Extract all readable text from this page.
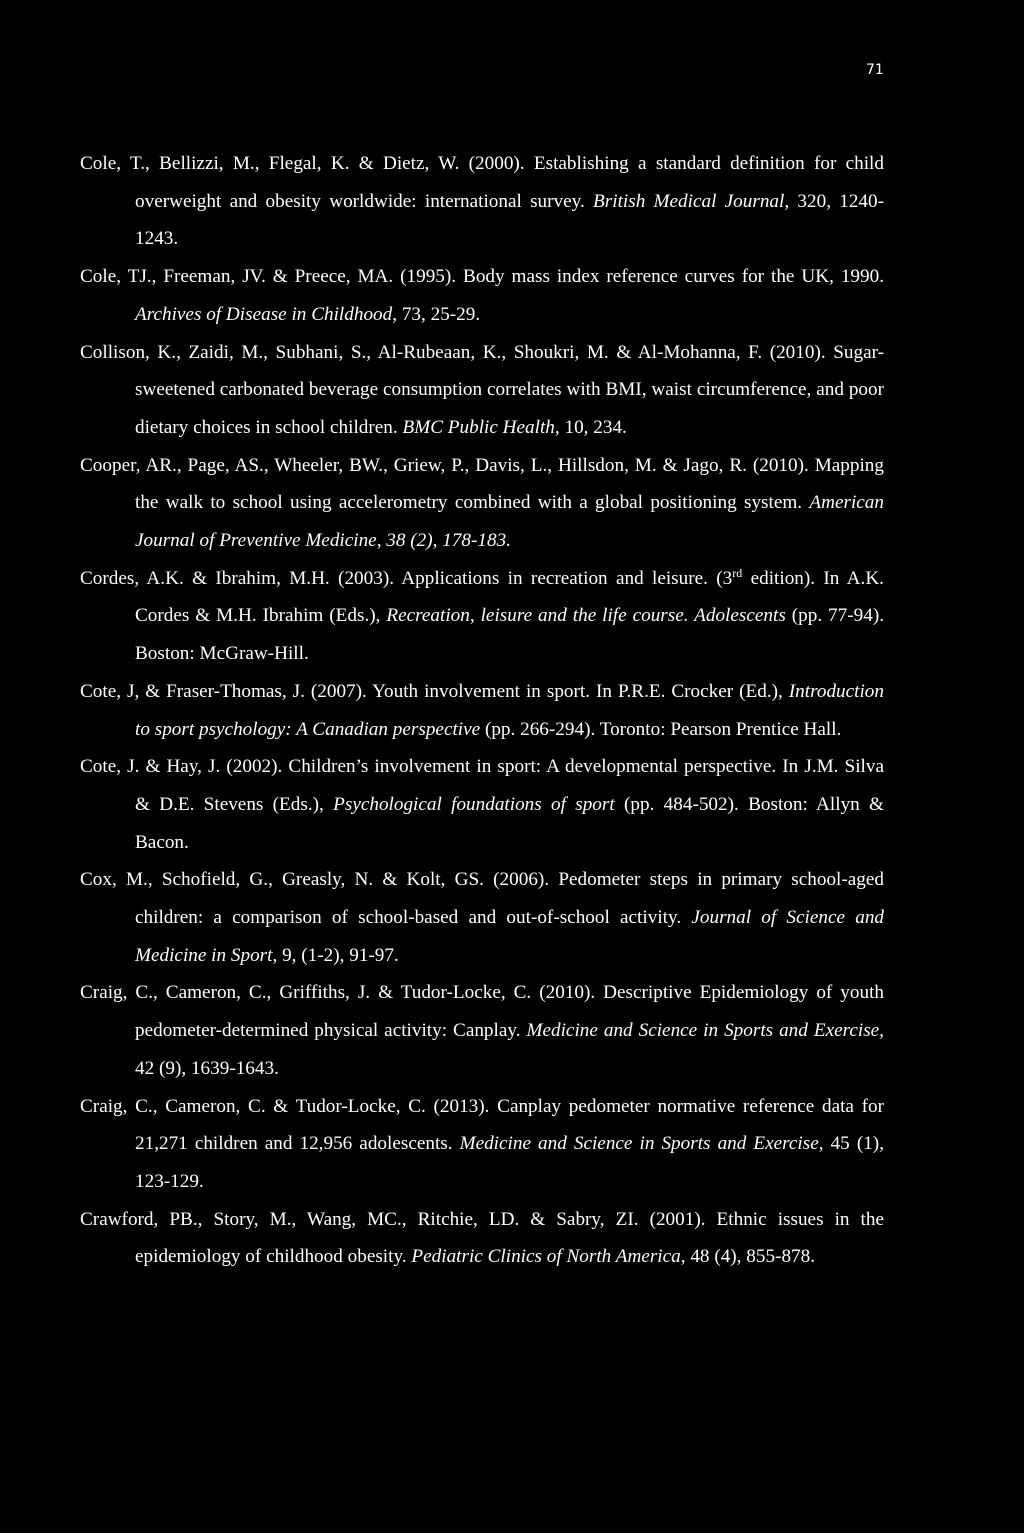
71
Cole, T., Bellizzi, M., Flegal, K. & Dietz, W. (2000). Establishing a standard definition for child overweight and obesity worldwide: international survey. British Medical Journal, 320, 1240-1243.
Cole, TJ., Freeman, JV. & Preece, MA. (1995). Body mass index reference curves for the UK, 1990. Archives of Disease in Childhood, 73, 25-29.
Collison, K., Zaidi, M., Subhani, S., Al-Rubeaan, K., Shoukri, M. & Al-Mohanna, F. (2010). Sugar-sweetened carbonated beverage consumption correlates with BMI, waist circumference, and poor dietary choices in school children. BMC Public Health, 10, 234.
Cooper, AR., Page, AS., Wheeler, BW., Griew, P., Davis, L., Hillsdon, M. & Jago, R. (2010). Mapping the walk to school using accelerometry combined with a global positioning system. American Journal of Preventive Medicine, 38 (2), 178-183.
Cordes, A.K. & Ibrahim, M.H. (2003). Applications in recreation and leisure. (3rd edition). In A.K. Cordes & M.H. Ibrahim (Eds.), Recreation, leisure and the life course. Adolescents (pp. 77-94). Boston: McGraw-Hill.
Cote, J, & Fraser-Thomas, J. (2007). Youth involvement in sport. In P.R.E. Crocker (Ed.), Introduction to sport psychology: A Canadian perspective (pp. 266-294). Toronto: Pearson Prentice Hall.
Cote, J. & Hay, J. (2002). Children’s involvement in sport: A developmental perspective. In J.M. Silva & D.E. Stevens (Eds.), Psychological foundations of sport (pp. 484-502). Boston: Allyn & Bacon.
Cox, M., Schofield, G., Greasly, N. & Kolt, GS. (2006). Pedometer steps in primary school-aged children: a comparison of school-based and out-of-school activity. Journal of Science and Medicine in Sport, 9, (1-2), 91-97.
Craig, C., Cameron, C., Griffiths, J. & Tudor-Locke, C. (2010). Descriptive Epidemiology of youth pedometer-determined physical activity: Canplay. Medicine and Science in Sports and Exercise, 42 (9), 1639-1643.
Craig, C., Cameron, C. & Tudor-Locke, C. (2013). Canplay pedometer normative reference data for 21,271 children and 12,956 adolescents. Medicine and Science in Sports and Exercise, 45 (1), 123-129.
Crawford, PB., Story, M., Wang, MC., Ritchie, LD. & Sabry, ZI. (2001). Ethnic issues in the epidemiology of childhood obesity. Pediatric Clinics of North America, 48 (4), 855-878.
